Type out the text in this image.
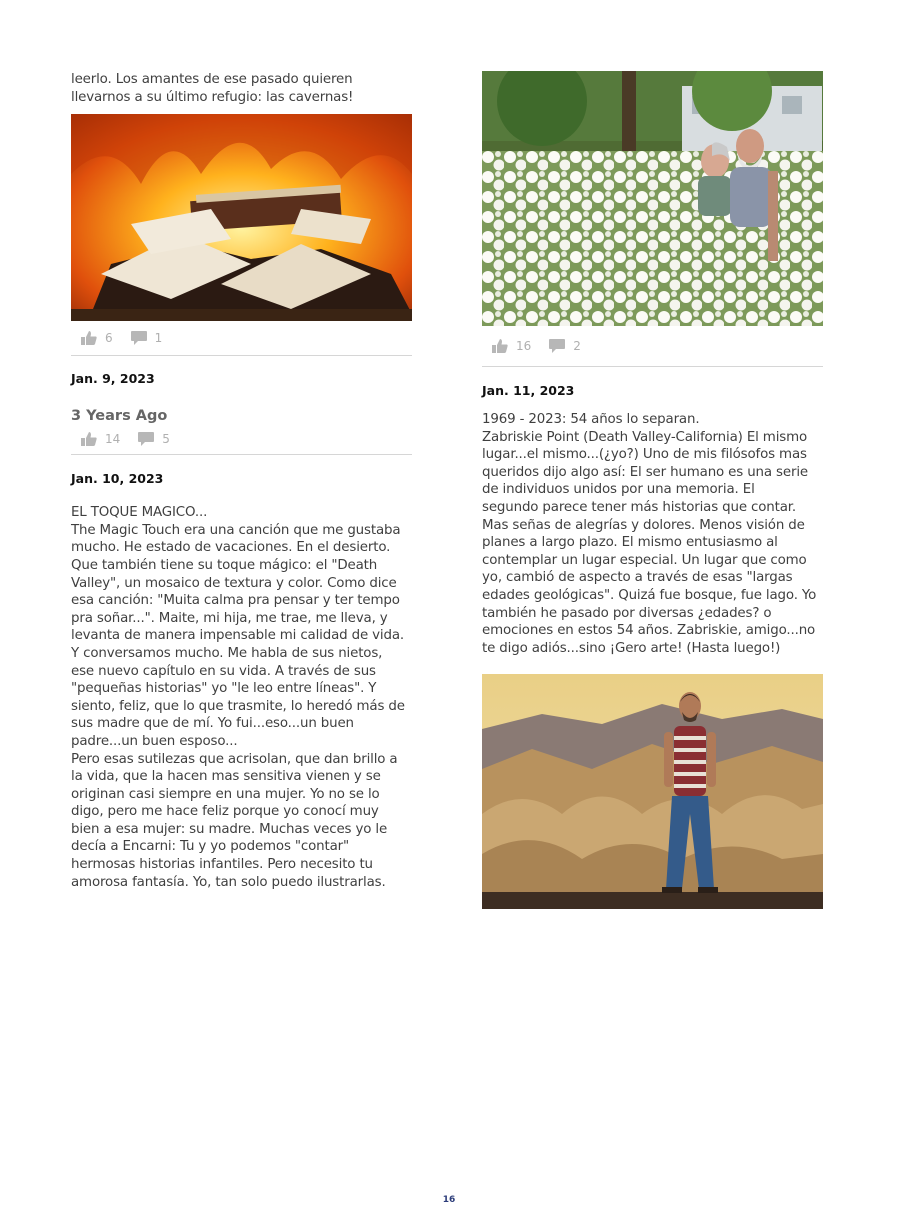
leerlo. Los amantes de ese pasado quieren
llevarnos a su último refugio: las cavernas!

6	1

Jan. 9, 2023

3 Years Ago

14	5

Jan. 10, 2023

EL TOQUE MAGICO...
The Magic Touch era una canción que me gustaba
mucho. He estado de vacaciones. En el desierto.
Que también tiene su toque mágico: el "Death
Valley", un mosaico de textura y color. Como dice
esa canción: "Muita calma pra pensar y ter tempo
pra soñar...". Maite, mi hija, me trae, me lleva, y
levanta de manera impensable mi calidad de vida.
Y conversamos mucho. Me habla de sus nietos,
ese nuevo capítulo en su vida. A través de sus
"pequeñas historias" yo "le leo entre líneas". Y
siento, feliz, que lo que trasmite, lo heredó más de
sus madre que de mí. Yo fui...eso...un buen
padre...un buen esposo...
Pero esas sutilezas que acrisolan, que dan brillo a
la vida, que la hacen mas sensitiva vienen y se
originan casi siempre en una mujer. Yo no se lo
digo, pero me hace feliz porque yo conocí muy
bien a esa mujer: su madre. Muchas veces yo le
decía a Encarni: Tu y yo podemos "contar"
hermosas historias infantiles. Pero necesito tu
amorosa fantasía. Yo, tan solo puedo ilustrarlas.

16	2

Jan. 11, 2023

1969 - 2023: 54 años lo separan.
Zabriskie Point (Death Valley-California) El mismo
lugar...el mismo...(¿yo?) Uno de mis filósofos mas
queridos dijo algo así: El ser humano es una serie
de individuos unidos por una memoria. El
segundo parece tener más historias que contar.
Mas señas de alegrías y dolores. Menos visión de
planes a largo plazo. El mismo entusiasmo al
contemplar un lugar especial. Un lugar que como
yo, cambió de aspecto a través de esas "largas
edades geológicas". Quizá fue bosque, fue lago. Yo
también he pasado por diversas ¿edades? o
emociones en estos 54 años. Zabriskie, amigo...no
te digo adiós...sino ¡Gero arte! (Hasta luego!)

16
